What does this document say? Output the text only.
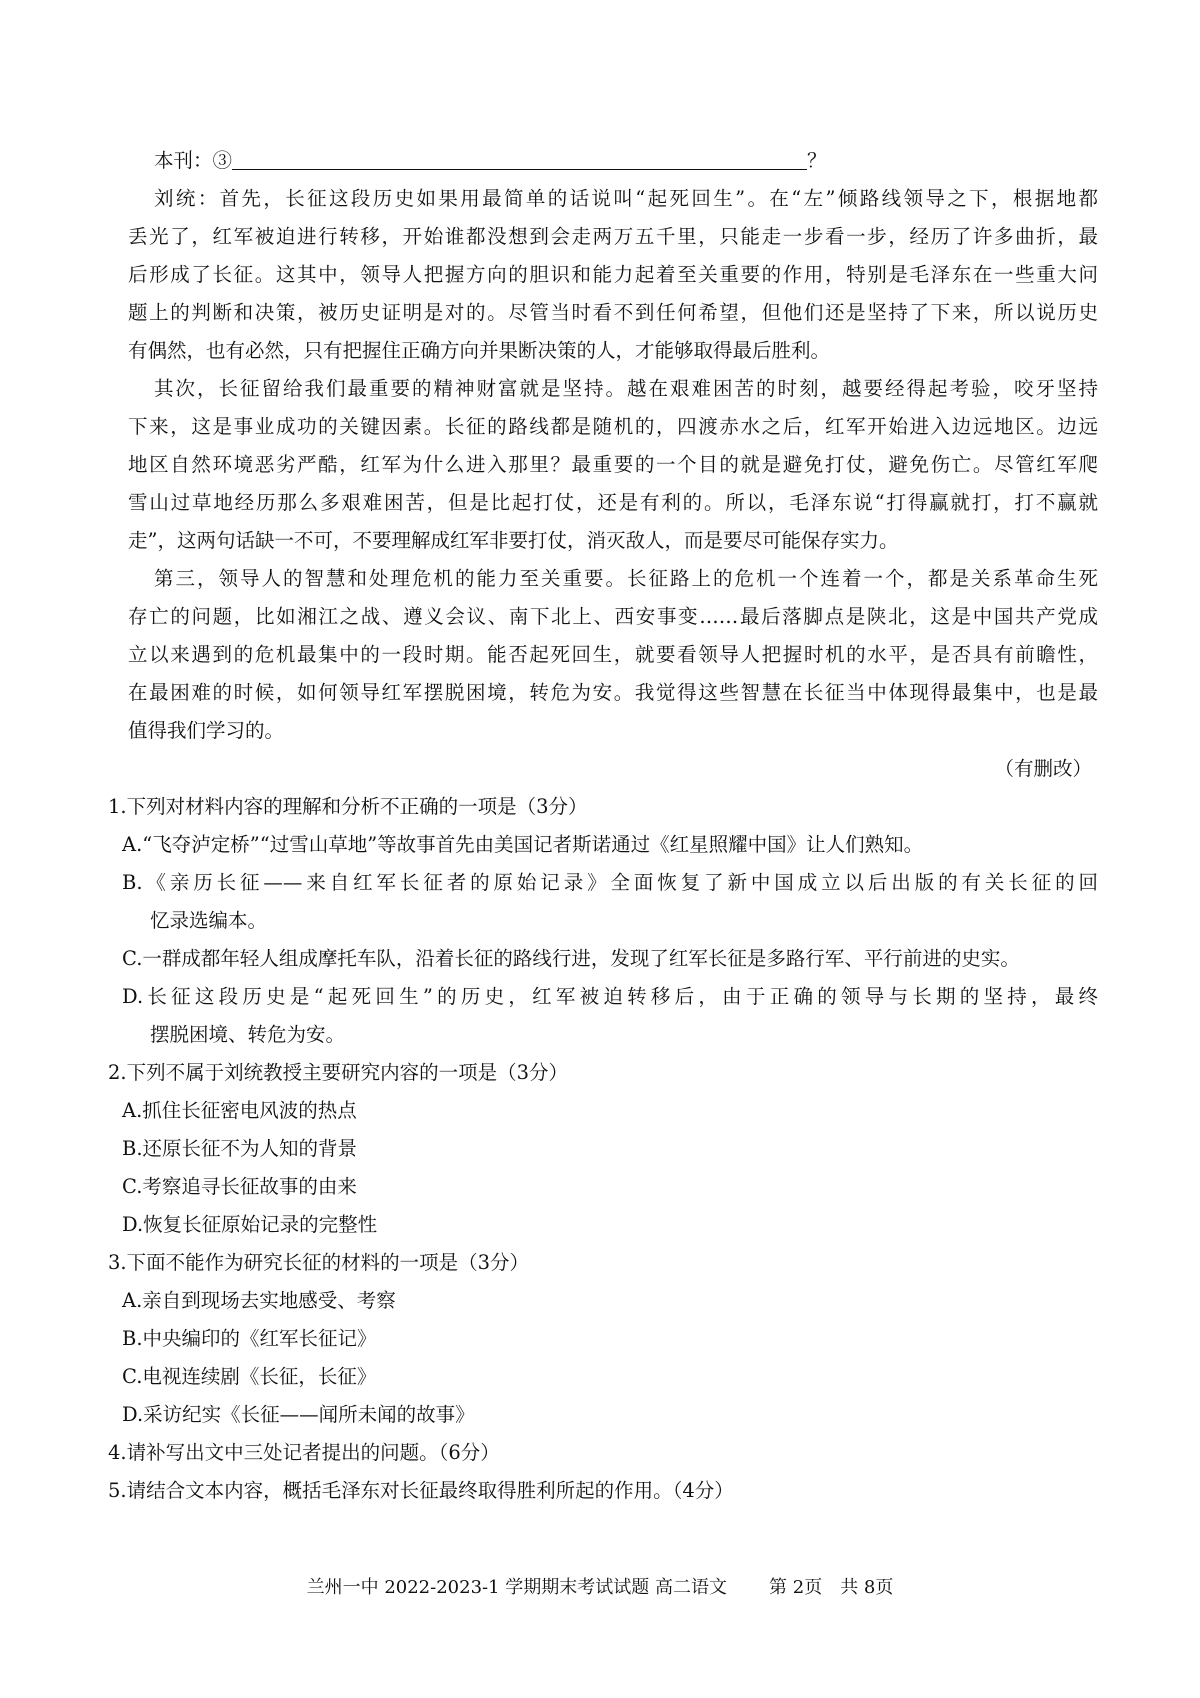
本刊：③	？
刘统：首先，长征这段历史如果用最简单的话说叫“起死回生”。在“左”倾路线领导之下，根据地都
丢光了，红军被迫进行转移，开始谁都没想到会走两万五千里，只能走一步看一步，经历了许多曲折，最
后形成了长征。这其中，领导人把握方向的胆识和能力起着至关重要的作用，特别是毛泽东在一些重大问
题上的判断和决策，被历史证明是对的。尽管当时看不到任何希望，但他们还是坚持了下来，所以说历史
有偶然，也有必然，只有把握住正确方向并果断决策的人，才能够取得最后胜利。
其次，长征留给我们最重要的精神财富就是坚持。越在艰难困苦的时刻，越要经得起考验，咬牙坚持
下来，这是事业成功的关键因素。长征的路线都是随机的，四渡赤水之后，红军开始进入边远地区。边远
地区自然环境恶劣严酷，红军为什么进入那里？最重要的一个目的就是避免打仗，避免伤亡。尽管红军爬
雪山过草地经历那么多艰难困苦，但是比起打仗，还是有利的。所以，毛泽东说“打得赢就打，打不赢就
走”，这两句话缺一不可，不要理解成红军非要打仗，消灭敌人，而是要尽可能保存实力。
第三，领导人的智慧和处理危机的能力至关重要。长征路上的危机一个连着一个，都是关系革命生死
存亡的问题，比如湘江之战、遵义会议、南下北上、西安事变……最后落脚点是陕北，这是中国共产党成
立以来遇到的危机最集中的一段时期。能否起死回生，就要看领导人把握时机的水平，是否具有前瞻性，
在最困难的时候，如何领导红军摆脱困境，转危为安。我觉得这些智慧在长征当中体现得最集中，也是最
值得我们学习的。
（有删改）
1.下列对材料内容的理解和分析不正确的一项是（3分）
A.“飞夺泸定桥”“过雪山草地”等故事首先由美国记者斯诺通过《红星照耀中国》让人们熟知。
B.《亲历长征——来自红军长征者的原始记录》全面恢复了新中国成立以后出版的有关长征的回
忆录选编本。
C.一群成都年轻人组成摩托车队，沿着长征的路线行进，发现了红军长征是多路行军、平行前进的史实。
D.长征这段历史是“起死回生”的历史，红军被迫转移后，由于正确的领导与长期的坚持，最终
摆脱困境、转危为安。
2.下列不属于刘统教授主要研究内容的一项是（3分）
A.抓住长征密电风波的热点
B.还原长征不为人知的背景
C.考察追寻长征故事的由来
D.恢复长征原始记录的完整性
3.下面不能作为研究长征的材料的一项是（3分）
A.亲自到现场去实地感受、考察
B.中央编印的《红军长征记》
C.电视连续剧《长征，长征》
D.采访纪实《长征——闻所未闻的故事》
4.请补写出文中三处记者提出的问题。（6分）
5.请结合文本内容，概括毛泽东对长征最终取得胜利所起的作用。（4分）
兰州一中 2022-2023-1 学期期末考试试题 高二语文 第 2页　共 8页
